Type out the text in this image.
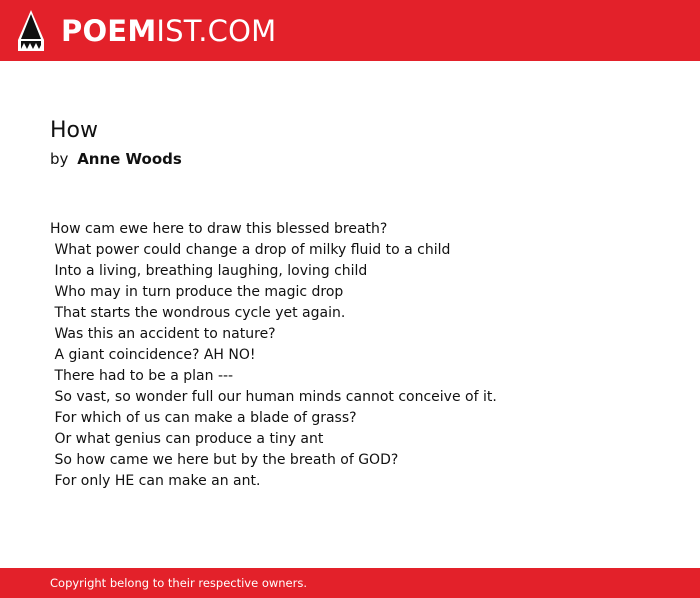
POEMIST.COM
How
by Anne Woods
How cam ewe here to draw this blessed breath?
What power could change a drop of milky fluid to a child
Into a living, breathing laughing, loving child
Who may in turn produce the magic drop
That starts the wondrous cycle yet again.
Was this an accident to nature?
A giant coincidence? AH NO!
There had to be a plan ---
So vast, so wonder full our human minds cannot conceive of it.
For which of us can make a blade of grass?
Or what genius can produce a tiny ant
So how came we here but by the breath of GOD?
For only HE can make an ant.
Copyright belong to their respective owners.
